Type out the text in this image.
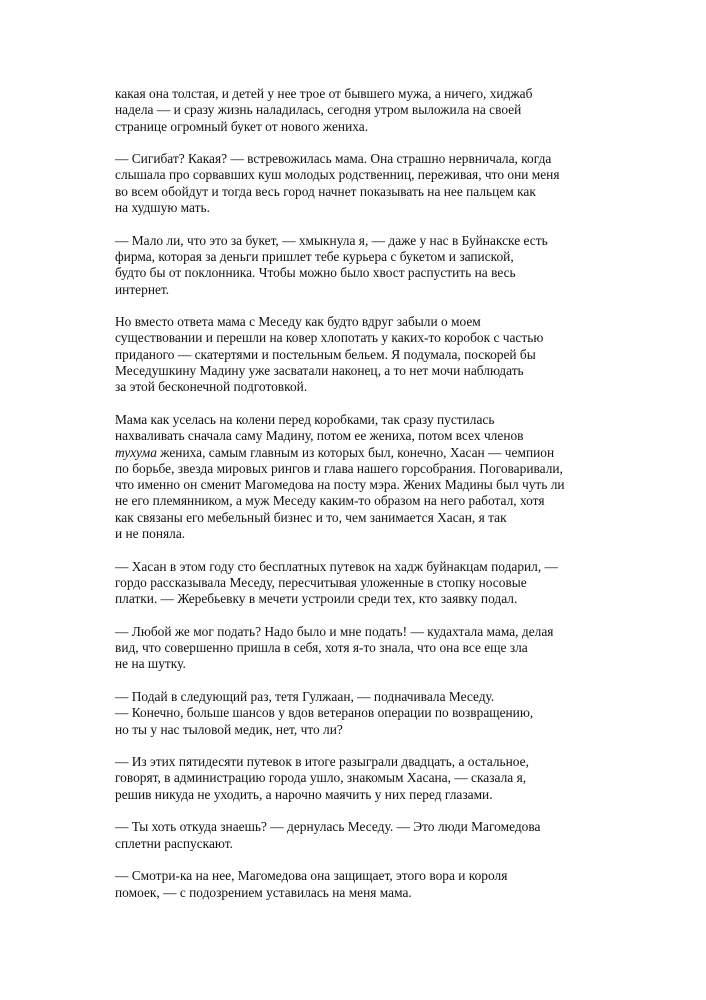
какая она толстая, и детей у нее трое от бывшего мужа, а ничего, хиджаб
надела — и сразу жизнь наладилась, сегодня утром выложила на своей
странице огромный букет от нового жениха.

— Сигибат? Какая? — встревожилась мама. Она страшно нервничала, когда
слышала про сорвавших куш молодых родственниц, переживая, что они меня
во всем обойдут и тогда весь город начнет показывать на нее пальцем как
на худшую мать.

— Мало ли, что это за букет, — хмыкнула я, — даже у нас в Буйнакске есть
фирма, которая за деньги пришлет тебе курьера с букетом и запиской,
будто бы от поклонника. Чтобы можно было хвост распустить на весь
интернет.

Но вместо ответа мама с Меседу как будто вдруг забыли о моем
существовании и перешли на ковер хлопотать у каких-то коробок с частью
приданого — скатертями и постельным бельем. Я подумала, поскорей бы
Меседушкину Мадину уже засватали наконец, а то нет мочи наблюдать
за этой бесконечной подготовкой.

Мама как уселась на колени перед коробками, так сразу пустилась
нахваливать сначала саму Мадину, потом ее жениха, потом всех членов
тухума жениха, самым главным из которых был, конечно, Хасан — чемпион
по борьбе, звезда мировых рингов и глава нашего горсобрания. Поговаривали,
что именно он сменит Магомедова на посту мэра. Жених Мадины был чуть ли
не его племянником, а муж Меседу каким-то образом на него работал, хотя
как связаны его мебельный бизнес и то, чем занимается Хасан, я так
и не поняла.

— Хасан в этом году сто бесплатных путевок на хадж буйнакцам подарил, —
гордо рассказывала Меседу, пересчитывая уложенные в стопку носовые
платки. — Жеребьевку в мечети устроили среди тех, кто заявку подал.

— Любой же мог подать? Надо было и мне подать! — кудахтала мама, делая
вид, что совершенно пришла в себя, хотя я-то знала, что она все еще зла
не на шутку.

— Подай в следующий раз, тетя Гулжаан, — подначивала Меседу.
— Конечно, больше шансов у вдов ветеранов операции по возвращению,
но ты у нас тыловой медик, нет, что ли?

— Из этих пятидесяти путевок в итоге разыграли двадцать, а остальное,
говорят, в администрацию города ушло, знакомым Хасана, — сказала я,
решив никуда не уходить, а нарочно маячить у них перед глазами.

— Ты хоть откуда знаешь? — дернулась Меседу. — Это люди Магомедова
сплетни распускают.

— Смотри-ка на нее, Магомедова она защищает, этого вора и короля
помоек, — с подозрением уставилась на меня мама.
